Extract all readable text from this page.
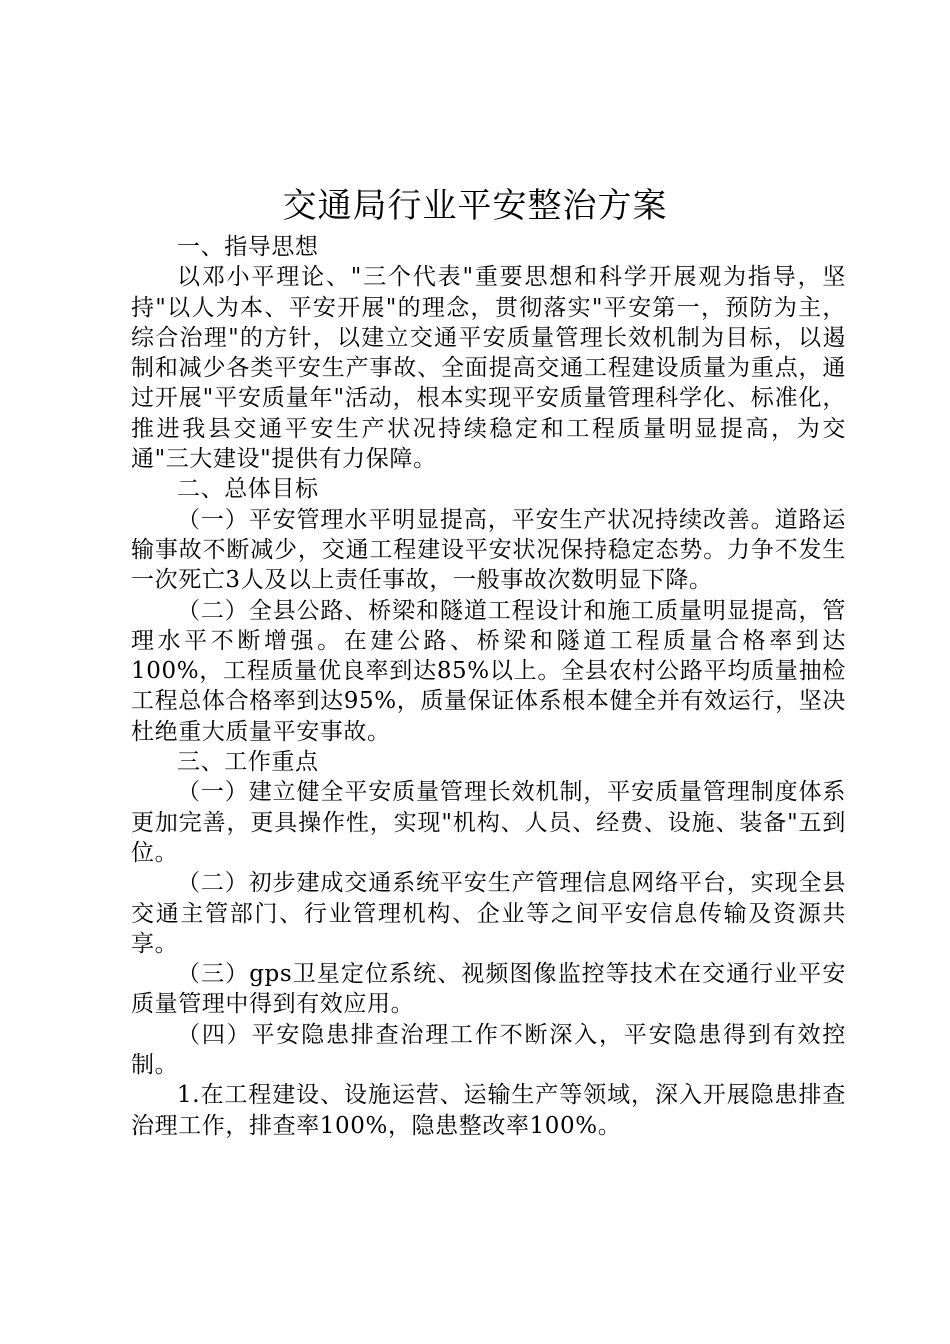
交通局行业平安整治方案

一、指导思想

以邓小平理论、"三个代表"重要思想和科学开展观为指导，坚持"以人为本、平安开展"的理念，贯彻落实"平安第一，预防为主，综合治理"的方针，以建立交通平安质量管理长效机制为目标，以遏制和减少各类平安生产事故、全面提高交通工程建设质量为重点，通过开展"平安质量年"活动，根本实现平安质量管理科学化、标准化，推进我县交通平安生产状况持续稳定和工程质量明显提高，为交通"三大建设"提供有力保障。

二、总体目标

（一）平安管理水平明显提高，平安生产状况持续改善。道路运输事故不断减少，交通工程建设平安状况保持稳定态势。力争不发生一次死亡3人及以上责任事故，一般事故次数明显下降。

（二）全县公路、桥梁和隧道工程设计和施工质量明显提高，管理水平不断增强。在建公路、桥梁和隧道工程质量合格率到达100%，工程质量优良率到达85%以上。全县农村公路平均质量抽检工程总体合格率到达95%，质量保证体系根本健全并有效运行，坚决杜绝重大质量平安事故。

三、工作重点

（一）建立健全平安质量管理长效机制，平安质量管理制度体系更加完善，更具操作性，实现"机构、人员、经费、设施、装备"五到位。

（二）初步建成交通系统平安生产管理信息网络平台，实现全县交通主管部门、行业管理机构、企业等之间平安信息传输及资源共享。

（三）gps卫星定位系统、视频图像监控等技术在交通行业平安质量管理中得到有效应用。

（四）平安隐患排查治理工作不断深入，平安隐患得到有效控制。

1.在工程建设、设施运营、运输生产等领域，深入开展隐患排查治理工作，排查率100%，隐患整改率100%。
